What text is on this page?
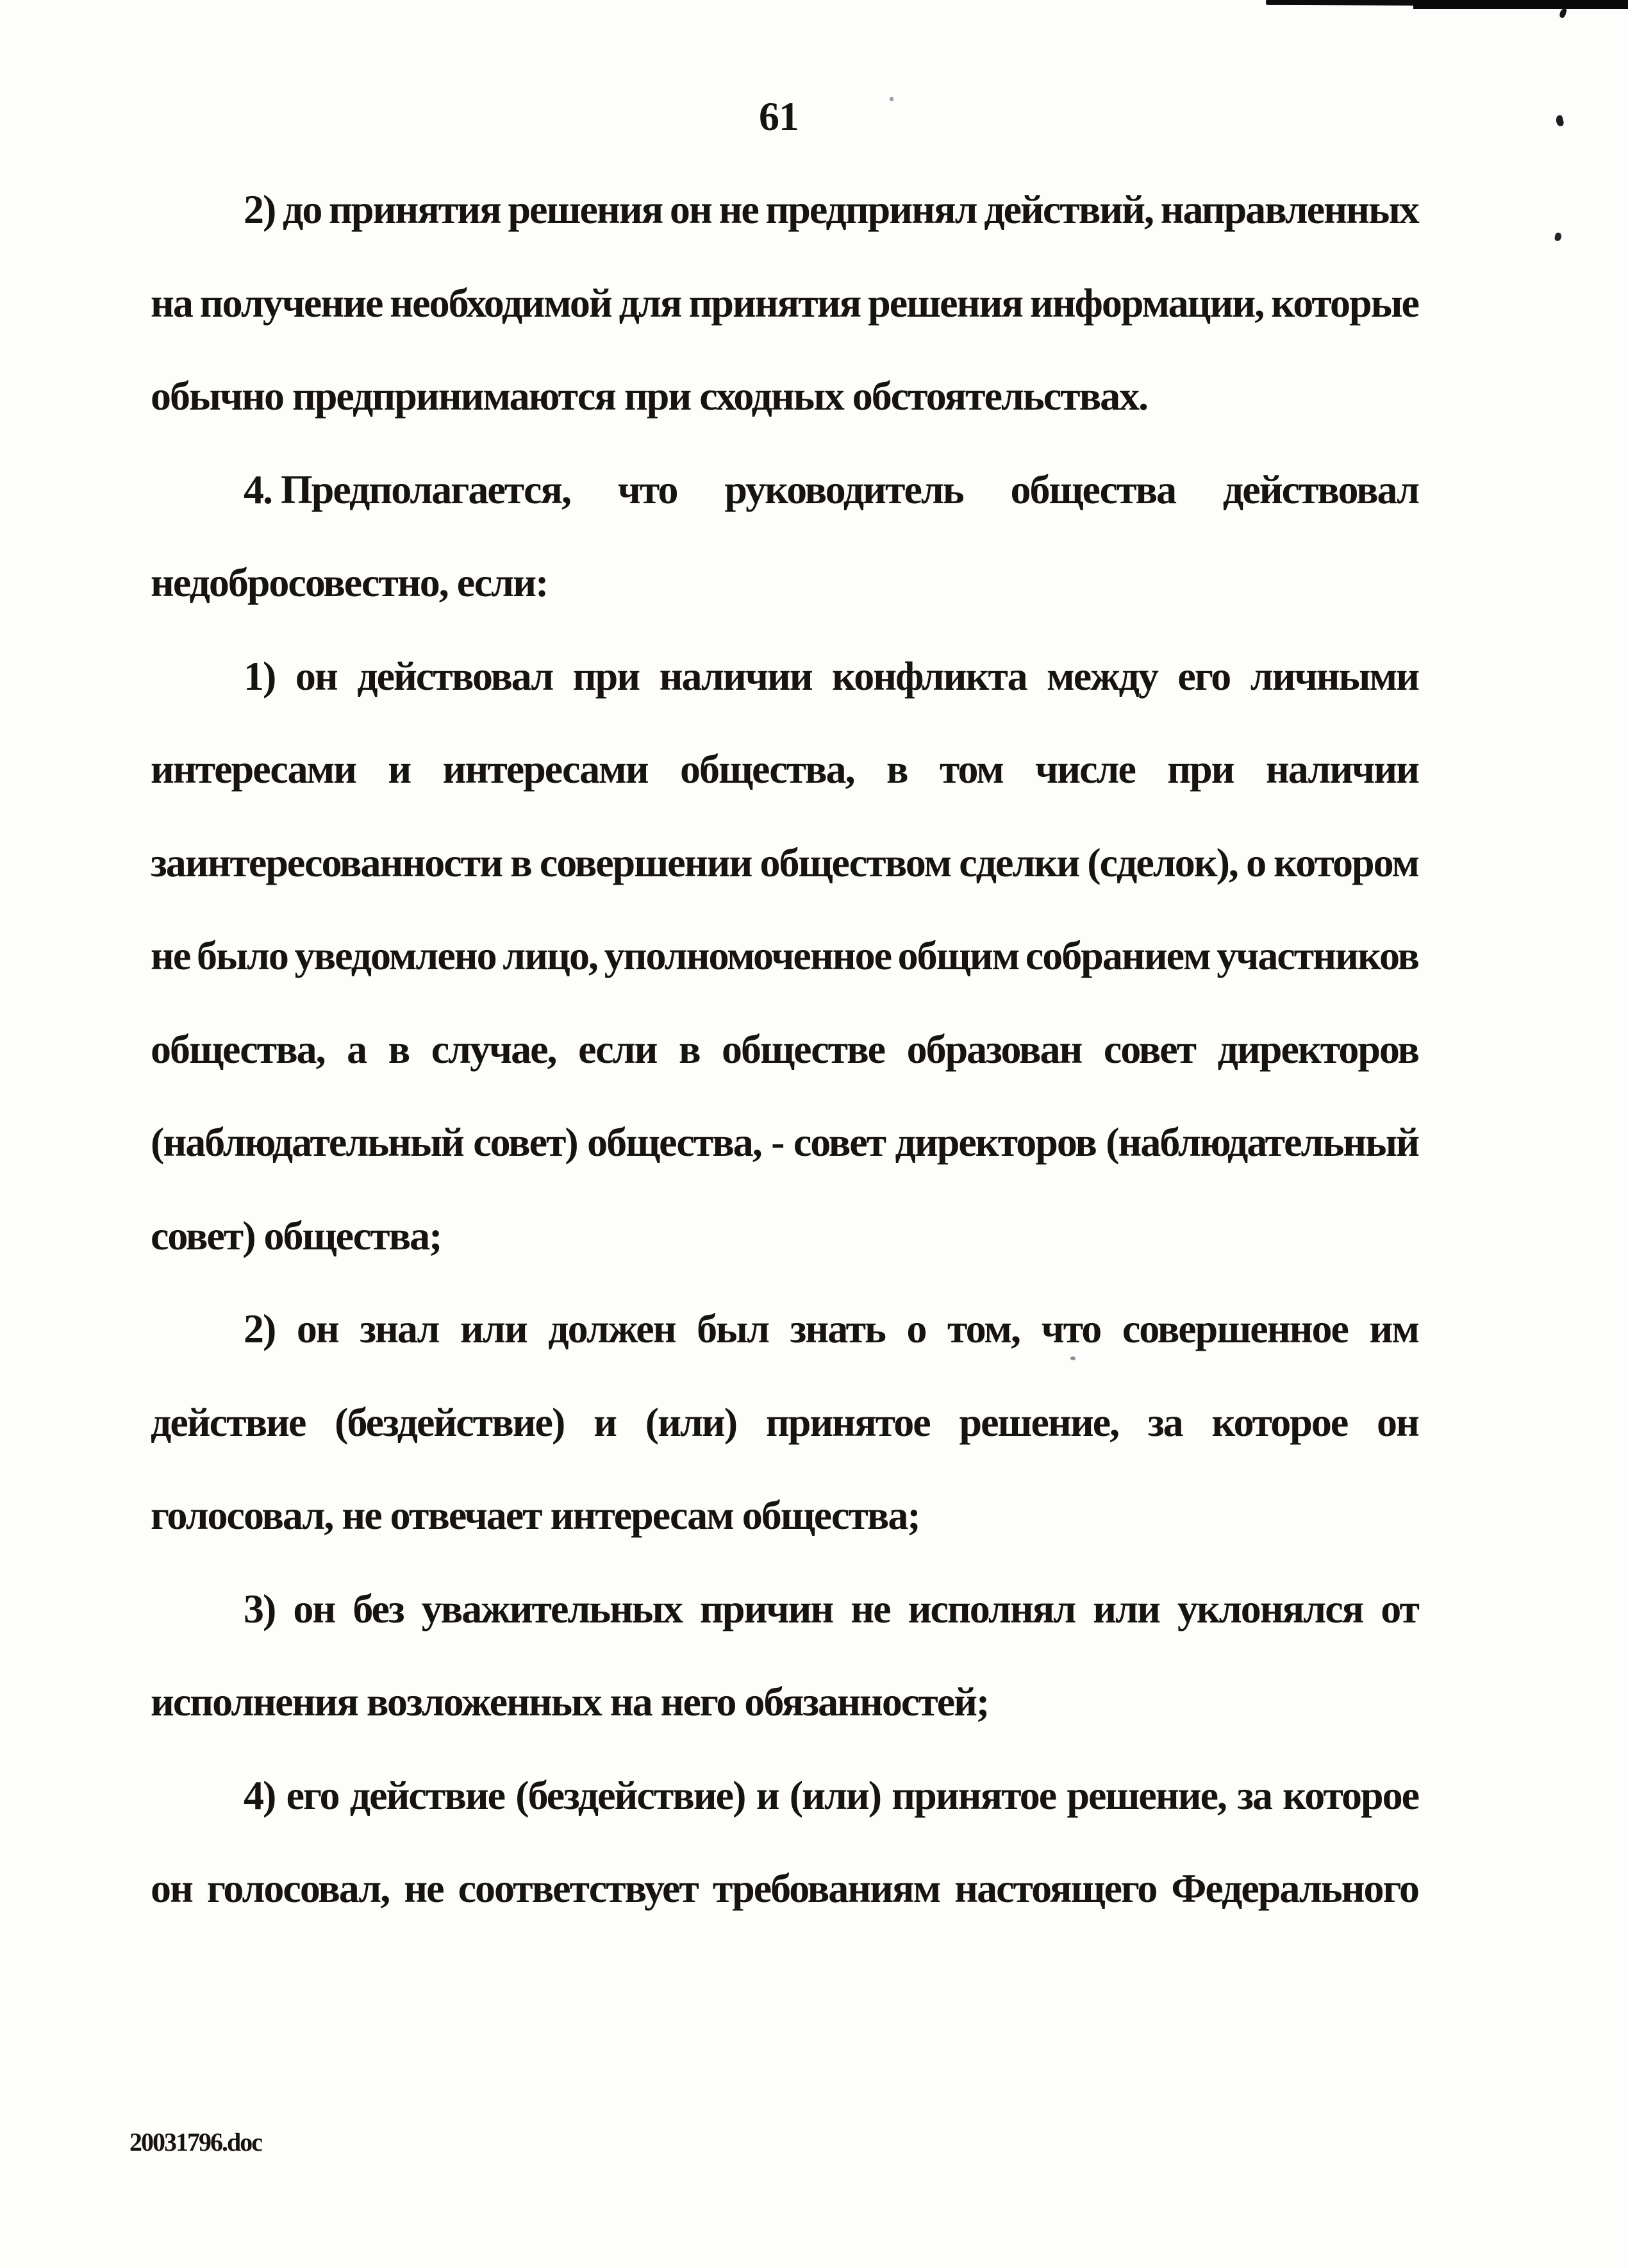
61
2) до принятия решения он не предпринял действий, направленных
на получение необходимой для принятия решения информации, которые
обычно предпринимаются при сходных обстоятельствах.
4. Предполагается, что руководитель общества действовал
недобросовестно, если:
1) он действовал при наличии конфликта между его личными
интересами и интересами общества, в том числе при наличии
заинтересованности в совершении обществом сделки (сделок), о котором
не было уведомлено лицо, уполномоченное общим собранием участников
общества, а в случае, если в обществе образован совет директоров
(наблюдательный совет) общества, - совет директоров (наблюдательный
совет) общества;
2) он знал или должен был знать о том, что совершенное им
действие (бездействие) и (или) принятое решение, за которое он
голосовал, не отвечает интересам общества;
3) он без уважительных причин не исполнял или уклонялся от
исполнения возложенных на него обязанностей;
4) его действие (бездействие) и (или) принятое решение, за которое
он голосовал, не соответствует требованиям настоящего Федерального
20031796.doc
